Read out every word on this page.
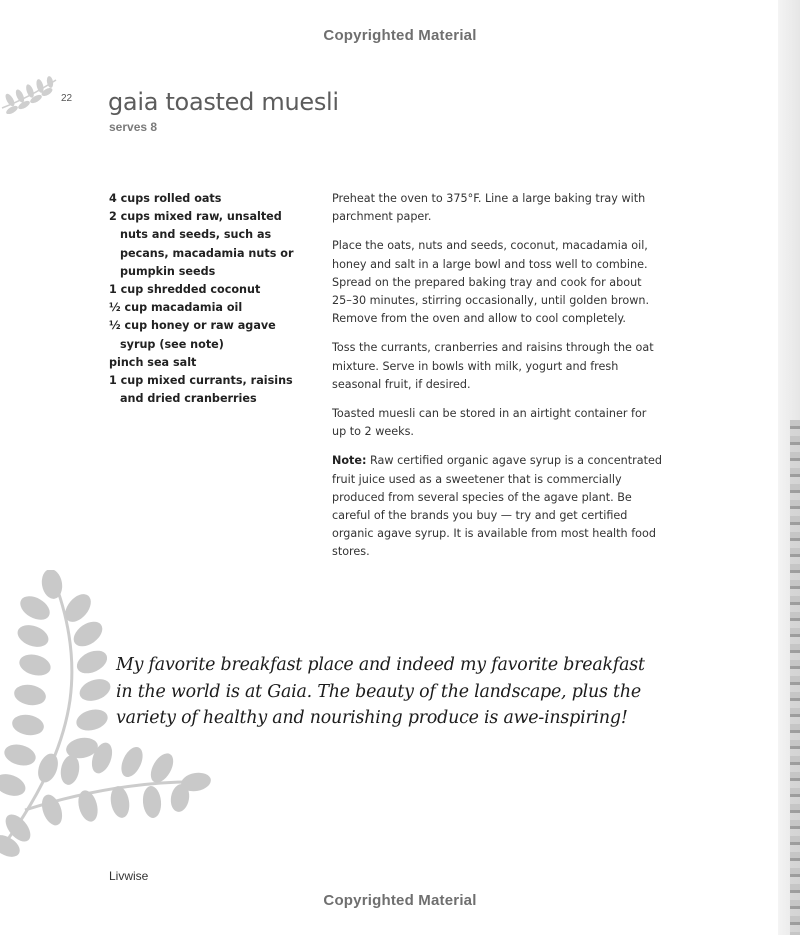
Copyrighted Material
22 gaia toasted muesli
serves 8
4 cups rolled oats
2 cups mixed raw, unsalted nuts and seeds, such as pecans, macadamia nuts or pumpkin seeds
1 cup shredded coconut
½ cup macadamia oil
½ cup honey or raw agave syrup (see note)
pinch sea salt
1 cup mixed currants, raisins and dried cranberries

Preheat the oven to 375°F. Line a large baking tray with parchment paper.

Place the oats, nuts and seeds, coconut, macadamia oil, honey and salt in a large bowl and toss well to combine. Spread on the prepared baking tray and cook for about 25–30 minutes, stirring occasionally, until golden brown. Remove from the oven and allow to cool completely.

Toss the currants, cranberries and raisins through the oat mixture. Serve in bowls with milk, yogurt and fresh seasonal fruit, if desired.

Toasted muesli can be stored in an airtight container for up to 2 weeks.

Note: Raw certified organic agave syrup is a concentrated fruit juice used as a sweetener that is commercially produced from several species of the agave plant. Be careful of the brands you buy — try and get certified organic agave syrup. It is available from most health food stores.

My favorite breakfast place and indeed my favorite breakfast in the world is at Gaia. The beauty of the landscape, plus the variety of healthy and nourishing produce is awe-inspiring!

Livwise
Copyrighted Material
